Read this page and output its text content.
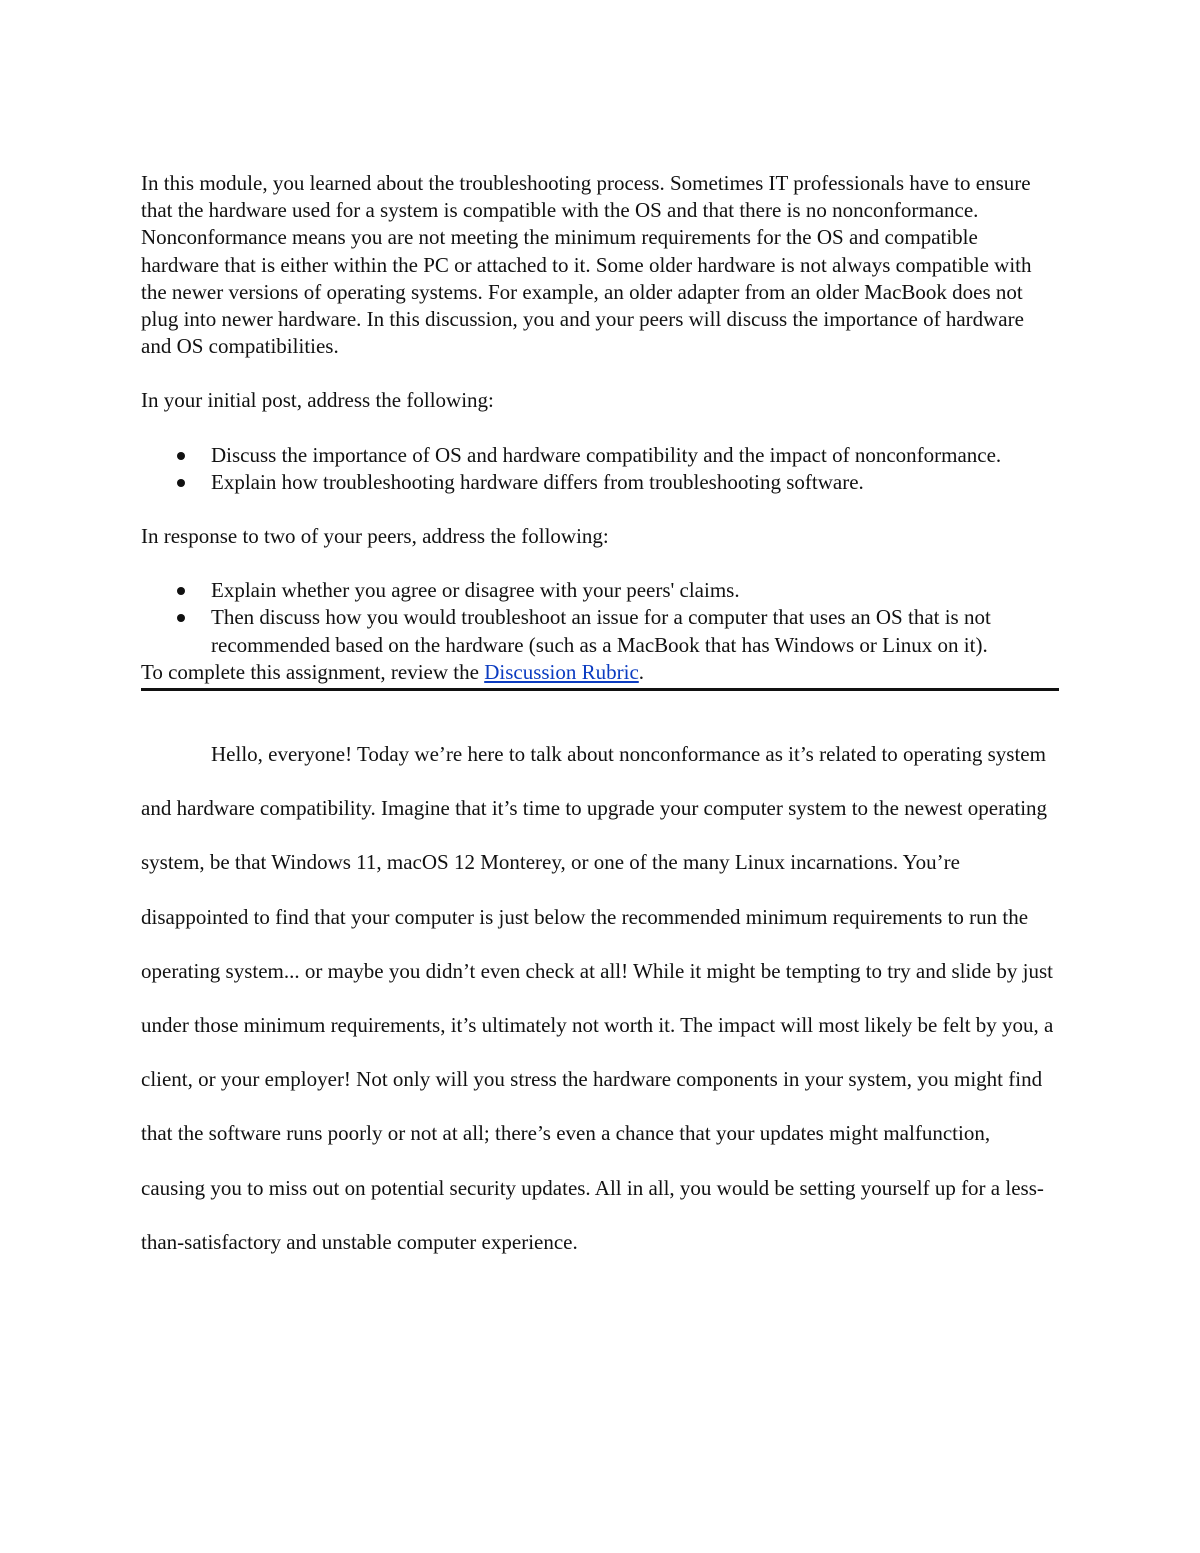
In this module, you learned about the troubleshooting process. Sometimes IT professionals have to ensure that the hardware used for a system is compatible with the OS and that there is no nonconformance. Nonconformance means you are not meeting the minimum requirements for the OS and compatible hardware that is either within the PC or attached to it. Some older hardware is not always compatible with the newer versions of operating systems. For example, an older adapter from an older MacBook does not plug into newer hardware. In this discussion, you and your peers will discuss the importance of hardware and OS compatibilities.

In your initial post, address the following:

Discuss the importance of OS and hardware compatibility and the impact of nonconformance.
Explain how troubleshooting hardware differs from troubleshooting software.

In response to two of your peers, address the following:

Explain whether you agree or disagree with your peers' claims.
Then discuss how you would troubleshoot an issue for a computer that uses an OS that is not recommended based on the hardware (such as a MacBook that has Windows or Linux on it).

To complete this assignment, review the Discussion Rubric.

Hello, everyone! Today we’re here to talk about nonconformance as it’s related to operating system and hardware compatibility. Imagine that it’s time to upgrade your computer system to the newest operating system, be that Windows 11, macOS 12 Monterey, or one of the many Linux incarnations. You’re disappointed to find that your computer is just below the recommended minimum requirements to run the operating system... or maybe you didn’t even check at all! While it might be tempting to try and slide by just under those minimum requirements, it’s ultimately not worth it. The impact will most likely be felt by you, a client, or your employer! Not only will you stress the hardware components in your system, you might find that the software runs poorly or not at all; there’s even a chance that your updates might malfunction, causing you to miss out on potential security updates. All in all, you would be setting yourself up for a less-than-satisfactory and unstable computer experience.
